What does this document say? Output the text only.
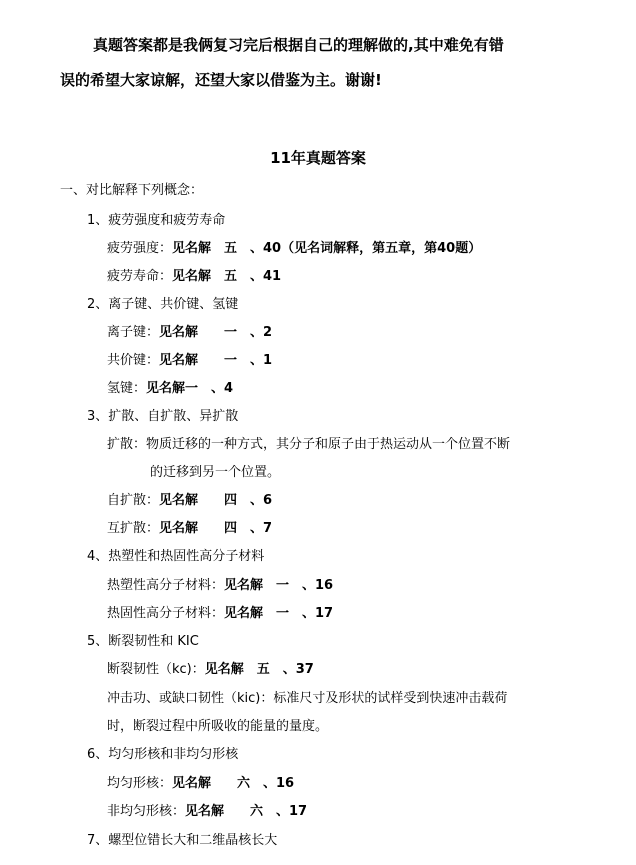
真题答案都是我俩复习完后根据自己的理解做的,其中难免有错
误的希望大家谅解，还望大家以借鉴为主。谢谢!
11年真题答案
一、对比解释下列概念：
1、疲劳强度和疲劳寿命
疲劳强度：见名解　五　、40（见名词解释，第五章，第40题）
疲劳寿命：见名解　五　、41
2、离子键、共价键、氢键
离子键：见名解　　一　、2
共价键：见名解　　一　、1
氢键：见名解一　、4
3、扩散、自扩散、异扩散
扩散：物质迁移的一种方式，其分子和原子由于热运动从一个位置不断
的迁移到另一个位置。
自扩散：见名解　　四　、6
互扩散：见名解　　四　、7
4、热塑性和热固性高分子材料
热塑性高分子材料：见名解　一　、16
热固性高分子材料：见名解　一　、17
5、断裂韧性和 KIC
断裂韧性（kc)：见名解　五　、37
冲击功、或缺口韧性（kic)：标准尺寸及形状的试样受到快速冲击载荷
时，断裂过程中所吸收的能量的量度。
6、均匀形核和非均匀形核
均匀形核：见名解　　六　、16
非均匀形核：见名解　　六　、17
7、螺型位错长大和二维晶核长大
